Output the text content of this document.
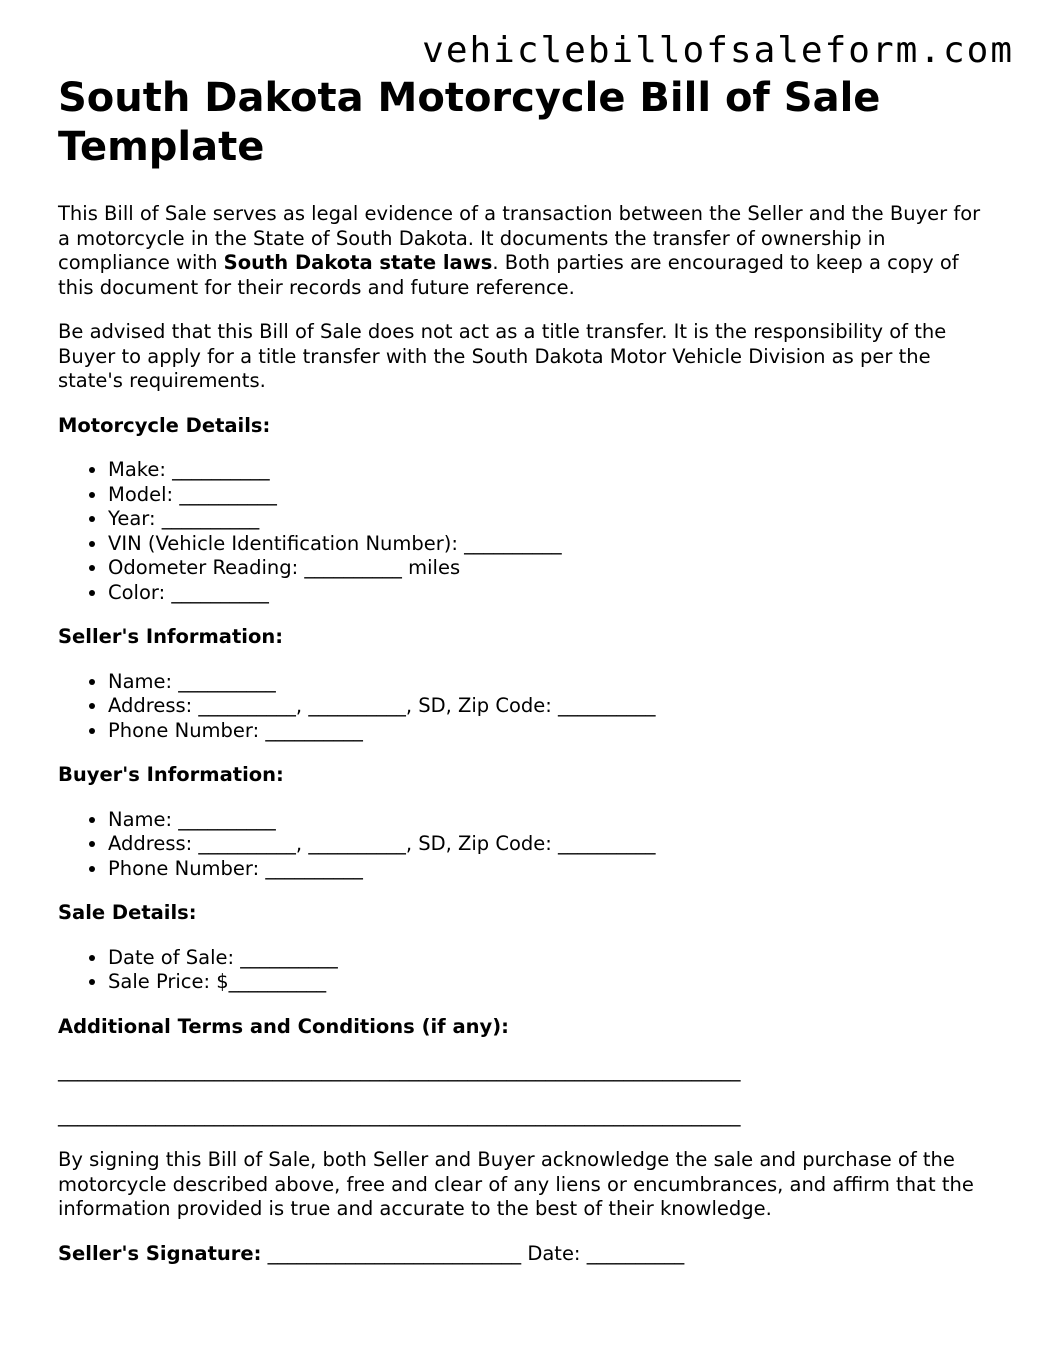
vehiclebillofsaleform.com
South Dakota Motorcycle Bill of Sale Template

This Bill of Sale serves as legal evidence of a transaction between the Seller and the Buyer for a motorcycle in the State of South Dakota. It documents the transfer of ownership in compliance with South Dakota state laws. Both parties are encouraged to keep a copy of this document for their records and future reference.

Be advised that this Bill of Sale does not act as a title transfer. It is the responsibility of the Buyer to apply for a title transfer with the South Dakota Motor Vehicle Division as per the state's requirements.

Motorcycle Details:
• Make: __________
• Model: __________
• Year: __________
• VIN (Vehicle Identification Number): __________
• Odometer Reading: __________ miles
• Color: __________
Seller's Information:
• Name: __________
• Address: __________, __________, SD, Zip Code: __________
• Phone Number: __________
Buyer's Information:
• Name: __________
• Address: __________, __________, SD, Zip Code: __________
• Phone Number: __________
Sale Details:
• Date of Sale: __________
• Sale Price: $__________
Additional Terms and Conditions (if any):
______________________________________________________________________
______________________________________________________________________

By signing this Bill of Sale, both Seller and Buyer acknowledge the sale and purchase of the motorcycle described above, free and clear of any liens or encumbrances, and affirm that the information provided is true and accurate to the best of their knowledge.

Seller's Signature: __________________________ Date: __________
